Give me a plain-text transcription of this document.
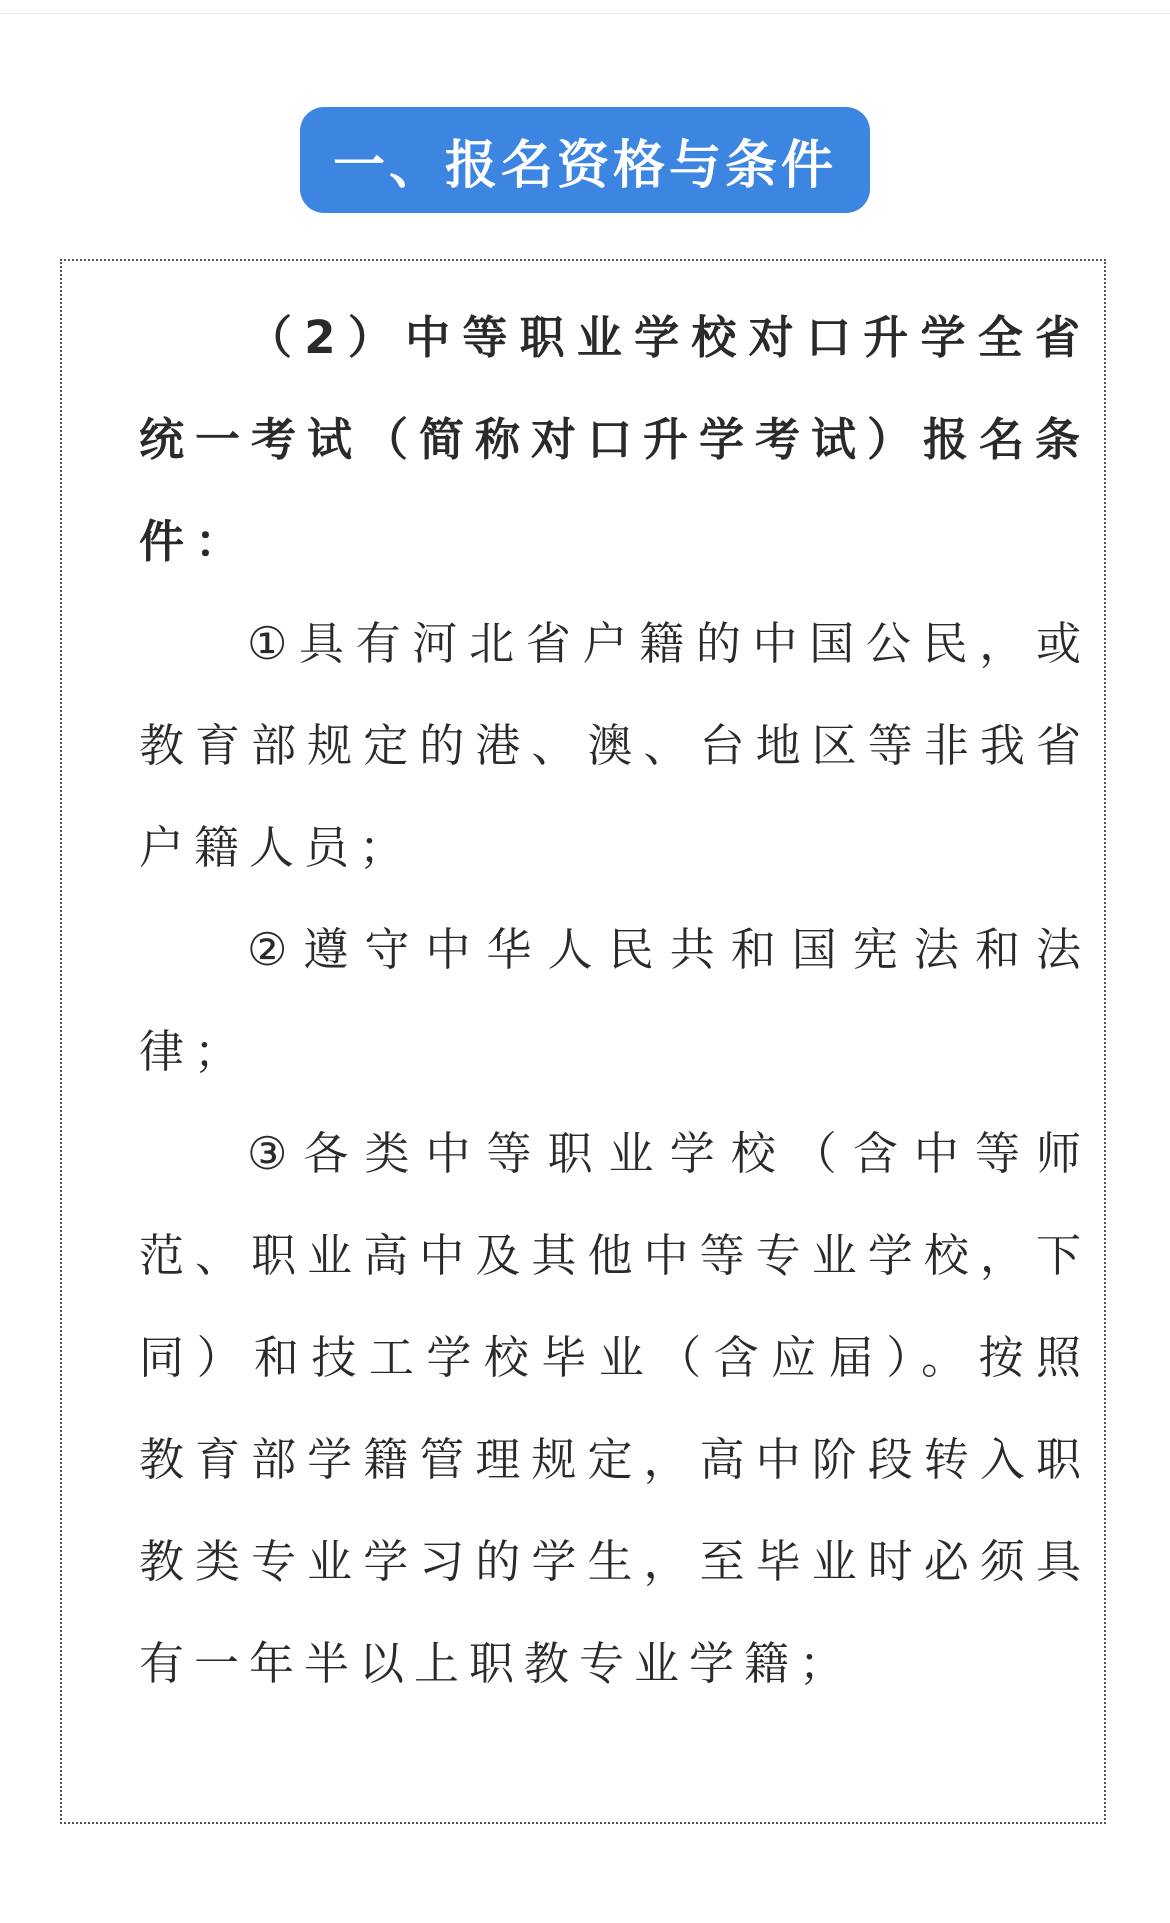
一、报名资格与条件

（2）中等职业学校对口升学全省统一考试（简称对口升学考试）报名条件：

①具有河北省户籍的中国公民，或教育部规定的港、澳、台地区等非我省户籍人员；

②遵守中华人民共和国宪法和法律；

③各类中等职业学校（含中等师范、职业高中及其他中等专业学校，下同）和技工学校毕业（含应届）。按照教育部学籍管理规定，高中阶段转入职教类专业学习的学生，至毕业时必须具有一年半以上职教专业学籍；
